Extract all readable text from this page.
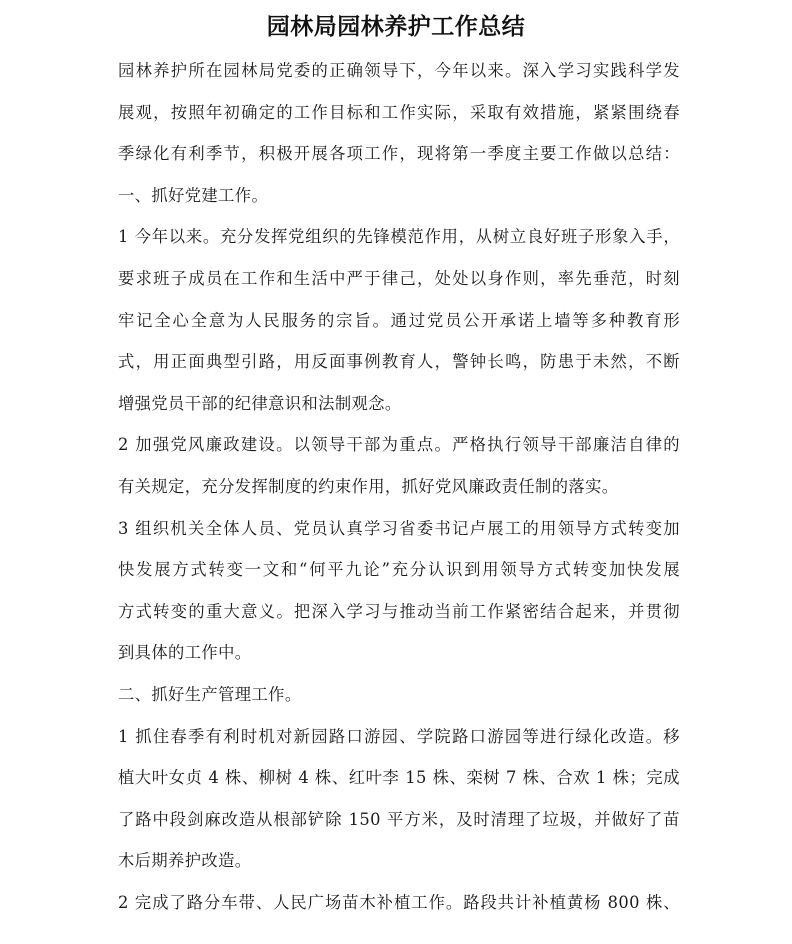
园林局园林养护工作总结
园林养护所在园林局党委的正确领导下，今年以来。深入学习实践科学发
展观，按照年初确定的工作目标和工作实际，采取有效措施，紧紧围绕春
季绿化有利季节，积极开展各项工作，现将第一季度主要工作做以总结：
一、抓好党建工作。
1 今年以来。充分发挥党组织的先锋模范作用，从树立良好班子形象入手，
要求班子成员在工作和生活中严于律己，处处以身作则，率先垂范，时刻
牢记全心全意为人民服务的宗旨。通过党员公开承诺上墙等多种教育形
式，用正面典型引路，用反面事例教育人，警钟长鸣，防患于未然，不断
增强党员干部的纪律意识和法制观念。
2 加强党风廉政建设。以领导干部为重点。严格执行领导干部廉洁自律的
有关规定，充分发挥制度的约束作用，抓好党风廉政责任制的落实。
3 组织机关全体人员、党员认真学习省委书记卢展工的用领导方式转变加
快发展方式转变一文和“何平九论”充分认识到用领导方式转变加快发展
方式转变的重大意义。把深入学习与推动当前工作紧密结合起来，并贯彻
到具体的工作中。
二、抓好生产管理工作。
1 抓住春季有利时机对新园路口游园、学院路口游园等进行绿化改造。移
植大叶女贞 4 株、柳树 4 株、红叶李 15 株、栾树 7 株、合欢 1 株；完成
了路中段剑麻改造从根部铲除 150 平方米，及时清理了垃圾，并做好了苗
木后期养护改造。
2 完成了路分车带、人民广场苗木补植工作。路段共计补植黄杨 800 株、
